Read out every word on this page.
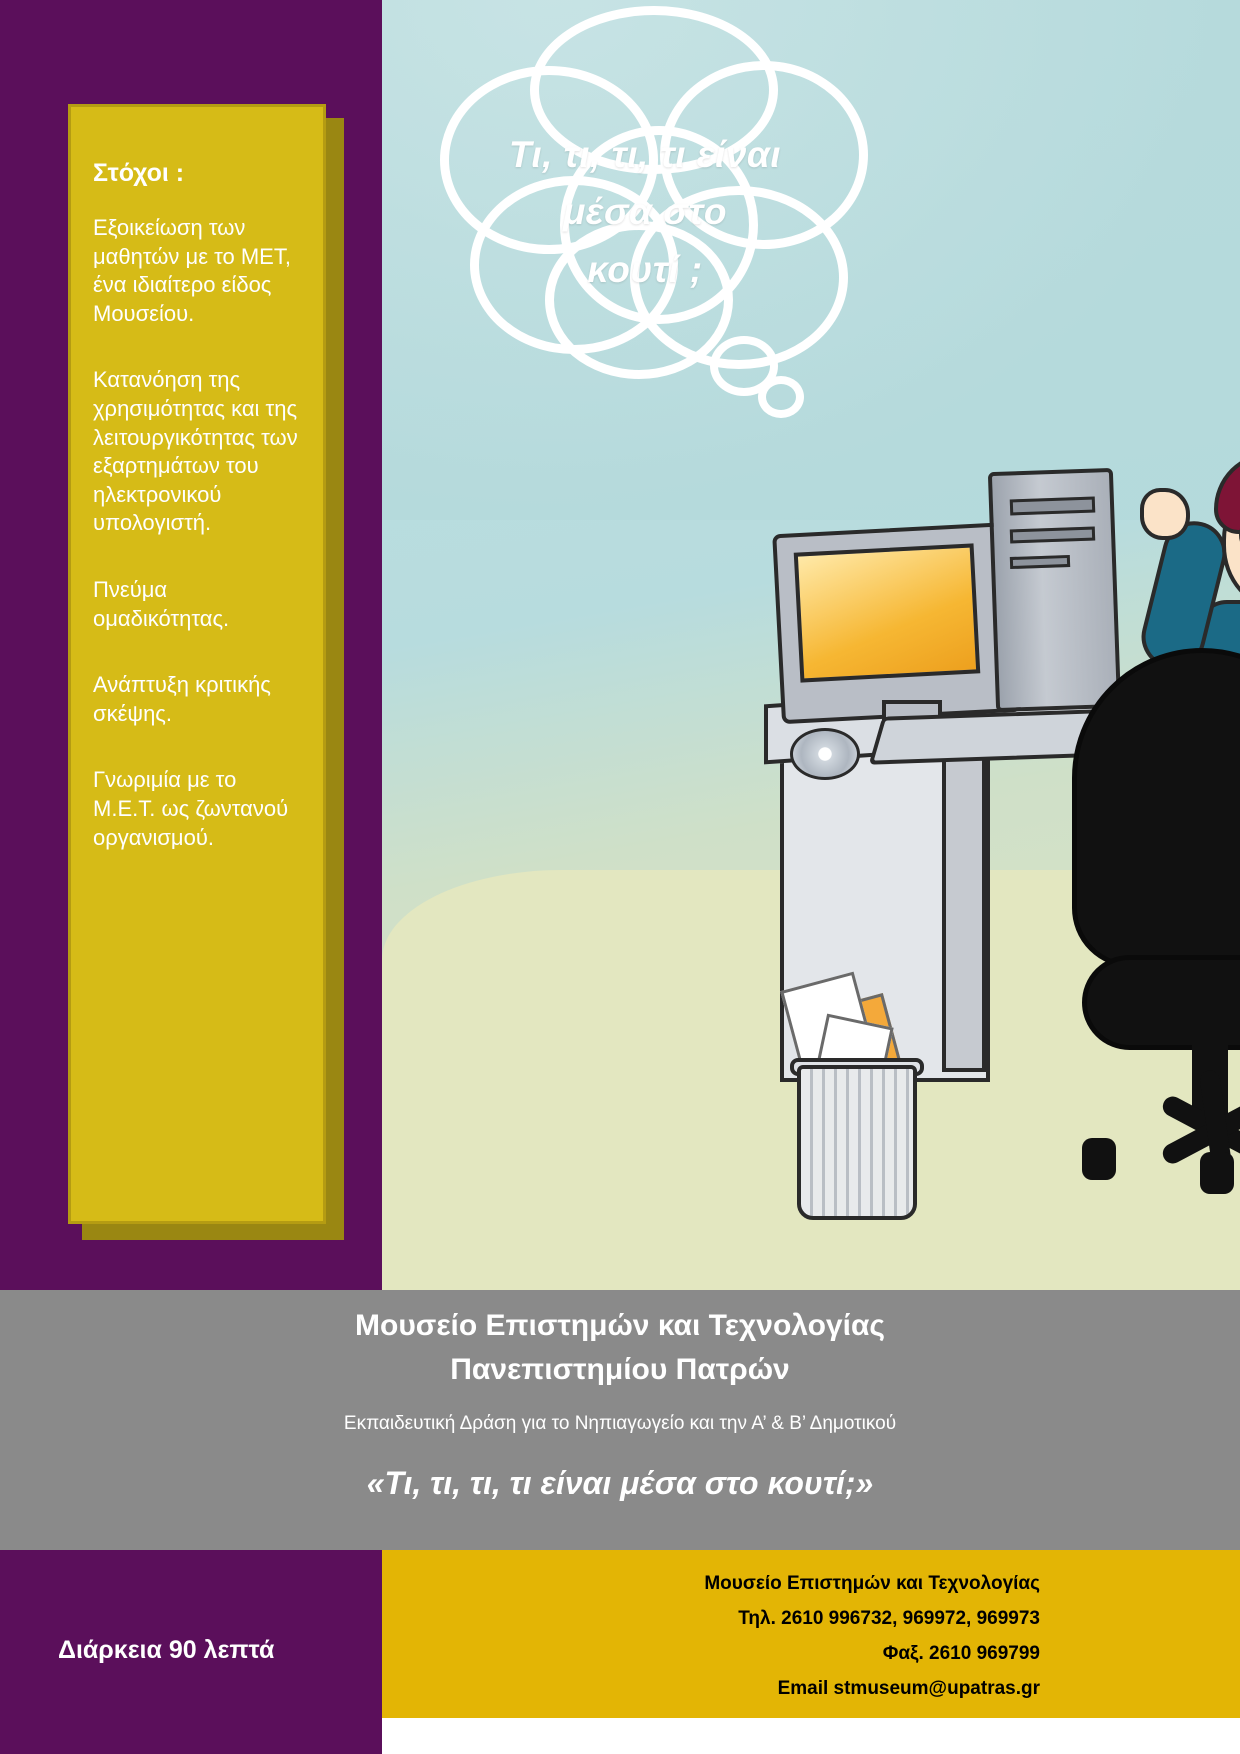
Τι, τι, τι, τι είναι
μέσα στο
κουτί ;
Στόχοι :

Εξοικείωση των μαθητών με το ΜΕΤ, ένα ιδιαίτερο είδος Μουσείου.

Κατανόηση της χρησιμότητας και της λειτουργικότητας των εξαρτημάτων του ηλεκτρονικού υπολογιστή.

Πνεύμα ομαδικότητας.

Ανάπτυξη κριτικής σκέψης.

Γνωριμία με το Μ.Ε.Τ. ως ζωντανού οργανισμού.

Μουσείο Επιστημών και Τεχνολογίας
Πανεπιστημίου Πατρών
Εκπαιδευτική Δράση για το Νηπιαγωγείο και την Α’ & Β’ Δημοτικού
«Τι, τι, τι, τι είναι μέσα στο κουτί;»
Διάρκεια 90 λεπτά
Μουσείο Επιστημών και Τεχνολογίας
Τηλ. 2610 996732, 969972, 969973
Φαξ. 2610 969799
Email stmuseum@upatras.gr
